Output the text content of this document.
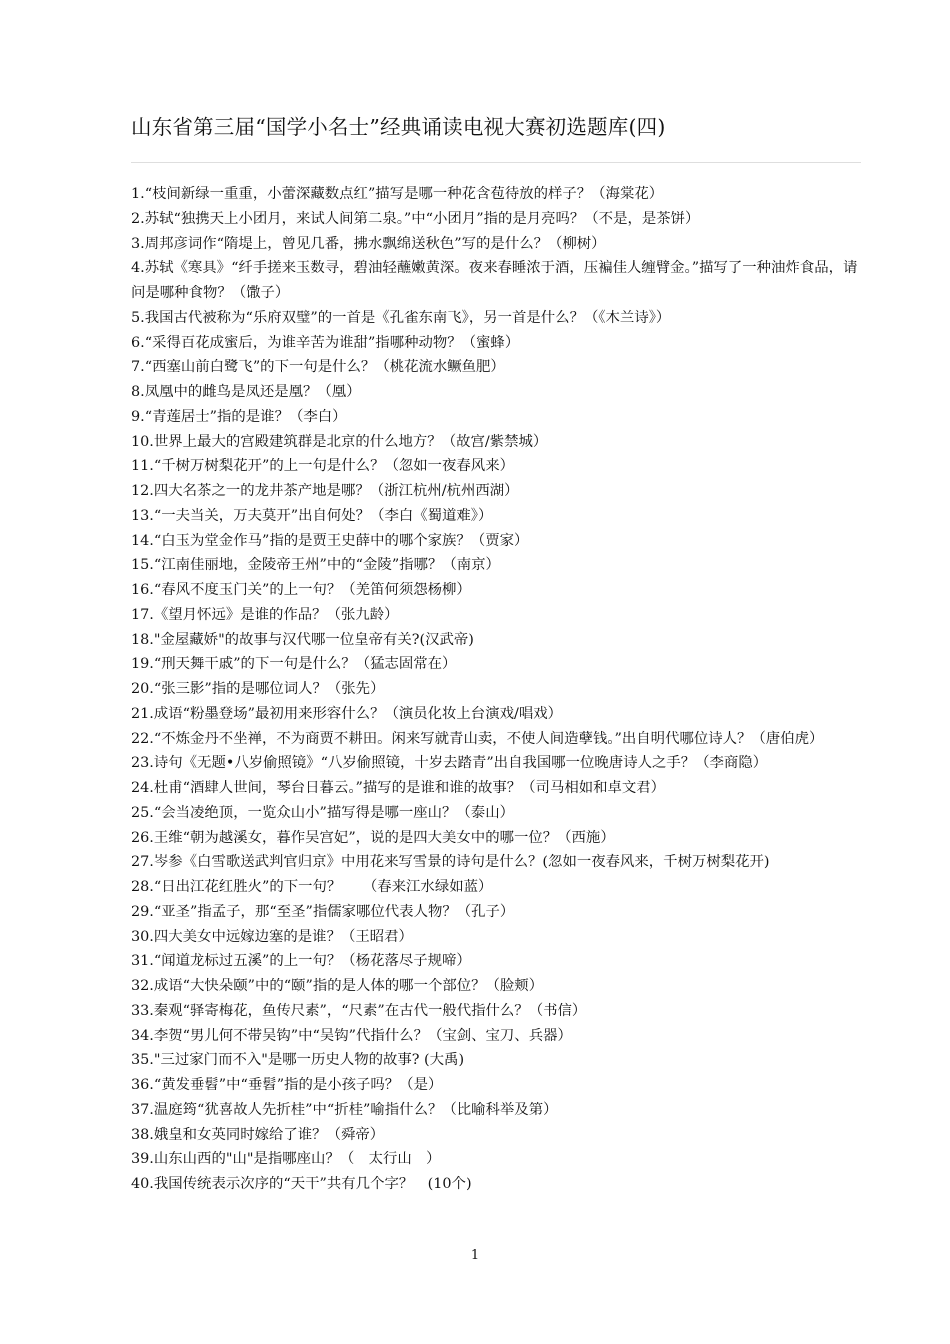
山东省第三届“国学小名士”经典诵读电视大赛初选题库(四)
1.“枝间新绿一重重，小蕾深藏数点红”描写是哪一种花含苞待放的样子？（海棠花）
2.苏轼“独携天上小团月，来试人间第二泉。”中“小团月”指的是月亮吗？（不是，是茶饼）
3.周邦彦词作“隋堤上，曾见几番，拂水飘绵送秋色”写的是什么？（柳树）
4.苏轼《寒具》“纤手搓来玉数寻，碧油轻蘸嫩黄深。夜来春睡浓于酒，压褊佳人缠臂金。”描写了一种油炸食品，请问是哪种食物？（馓子）
5.我国古代被称为“乐府双璧”的一首是《孔雀东南飞》，另一首是什么？（《木兰诗》）
6.“采得百花成蜜后，为谁辛苦为谁甜”指哪种动物？（蜜蜂）
7.“西塞山前白鹭飞”的下一句是什么？（桃花流水鳜鱼肥）
8.凤凰中的雌鸟是凤还是凰？（凰）
9.“青莲居士”指的是谁？（李白）
10.世界上最大的宫殿建筑群是北京的什么地方？（故宫/紫禁城）
11.“千树万树梨花开”的上一句是什么？（忽如一夜春风来）
12.四大名茶之一的龙井茶产地是哪？（浙江杭州/杭州西湖）
13.“一夫当关，万夫莫开”出自何处？（李白《蜀道难》）
14.“白玉为堂金作马”指的是贾王史薛中的哪个家族？（贾家）
15.“江南佳丽地，金陵帝王州”中的“金陵”指哪？（南京）
16.“春风不度玉门关”的上一句？（羌笛何须怨杨柳）
17.《望月怀远》是谁的作品？（张九龄）
18."金屋藏娇"的故事与汉代哪一位皇帝有关?(汉武帝)
19.“刑天舞干戚”的下一句是什么？（猛志固常在）
20.“张三影”指的是哪位词人？（张先）
21.成语“粉墨登场”最初用来形容什么？（演员化妆上台演戏/唱戏）
22.“不炼金丹不坐禅，不为商贾不耕田。闲来写就青山卖，不使人间造孽钱。”出自明代哪位诗人？（唐伯虎）
23.诗句《无题•八岁偷照镜》“八岁偷照镜，十岁去踏青”出自我国哪一位晚唐诗人之手？（李商隐）
24.杜甫“酒肆人世间，琴台日暮云。”描写的是谁和谁的故事？（司马相如和卓文君）
25.“会当凌绝顶，一览众山小”描写得是哪一座山？（泰山）
26.王维“朝为越溪女，暮作吴宫妃”，说的是四大美女中的哪一位？（西施）
27.岑参《白雪歌送武判官归京》中用花来写雪景的诗句是什么？(忽如一夜春风来，千树万树梨花开)
28.“日出江花红胜火”的下一句？　　（春来江水绿如蓝）
29.“亚圣”指孟子，那“至圣”指儒家哪位代表人物？（孔子）
30.四大美女中远嫁边塞的是谁？（王昭君）
31.“闻道龙标过五溪”的上一句？（杨花落尽子规啼）
32.成语“大快朵颐”中的“颐”指的是人体的哪一个部位？（脸颊）
33.秦观“驿寄梅花，鱼传尺素”，“尺素”在古代一般代指什么？（书信）
34.李贺“男儿何不带吴钩”中“吴钩”代指什么？（宝剑、宝刀、兵器）
35."三过家门而不入"是哪一历史人物的故事? (大禹)
36.“黄发垂髫”中“垂髫”指的是小孩子吗？（是）
37.温庭筠“犹喜故人先折桂”中“折桂”喻指什么？（比喻科举及第）
38.娥皇和女英同时嫁给了谁？（舜帝）
39.山东山西的"山"是指哪座山？（　太行山　）
40.我国传统表示次序的“天干”共有几个字？　(10个)
1
